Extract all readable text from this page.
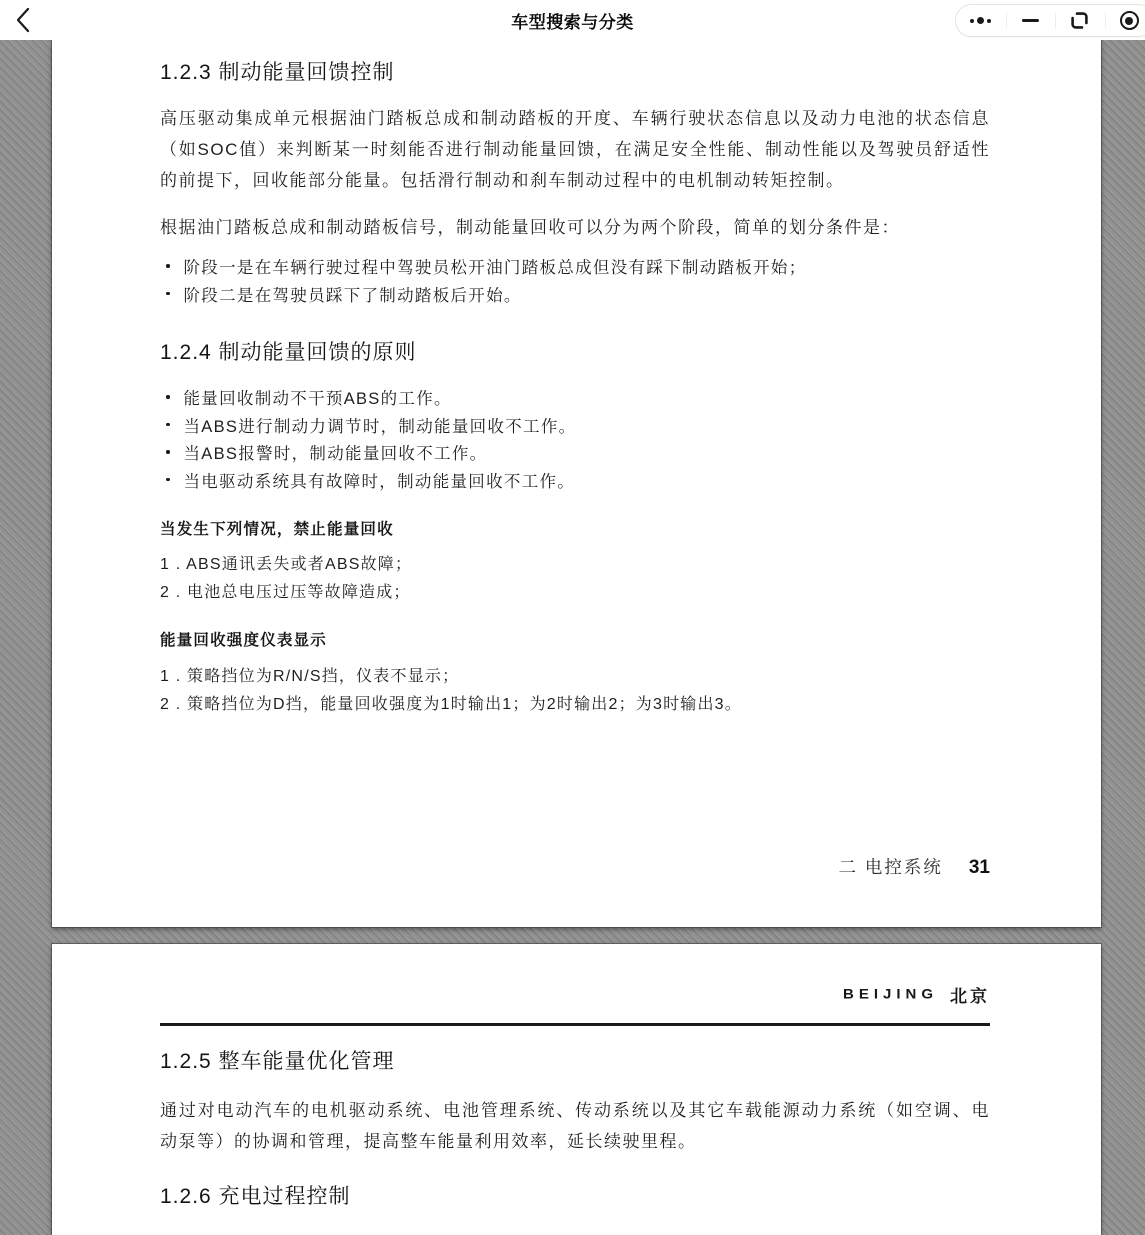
车型搜索与分类
1.2.3 制动能量回馈控制

高压驱动集成单元根据油门踏板总成和制动踏板的开度、车辆行驶状态信息以及动力电池的状态信息（如SOC值）来判断某一时刻能否进行制动能量回馈，在满足安全性能、制动性能以及驾驶员舒适性的前提下，回收能部分能量。包括滑行制动和刹车制动过程中的电机制动转矩控制。

根据油门踏板总成和制动踏板信号，制动能量回收可以分为两个阶段，简单的划分条件是：

阶段一是在车辆行驶过程中驾驶员松开油门踏板总成但没有踩下制动踏板开始；
阶段二是在驾驶员踩下了制动踏板后开始。
1.2.4 制动能量回馈的原则
能量回收制动不干预ABS的工作。
当ABS进行制动力调节时，制动能量回收不工作。
当ABS报警时，制动能量回收不工作。
当电驱动系统具有故障时，制动能量回收不工作。

当发生下列情况，禁止能量回收

1 . ABS通讯丢失或者ABS故障；

2 . 电池总电压过压等故障造成；

能量回收强度仪表显示

1 . 策略挡位为R/N/S挡，仪表不显示；

2 . 策略挡位为D挡，能量回收强度为1时输出1；为2时输出2；为3时输出3。

二 电控系统 31
BEIJING 北京
1.2.5 整车能量优化管理

通过对电动汽车的电机驱动系统、电池管理系统、传动系统以及其它车载能源动力系统（如空调、电动泵等）的协调和管理，提高整车能量利用效率，延长续驶里程。

1.2.6 充电过程控制
